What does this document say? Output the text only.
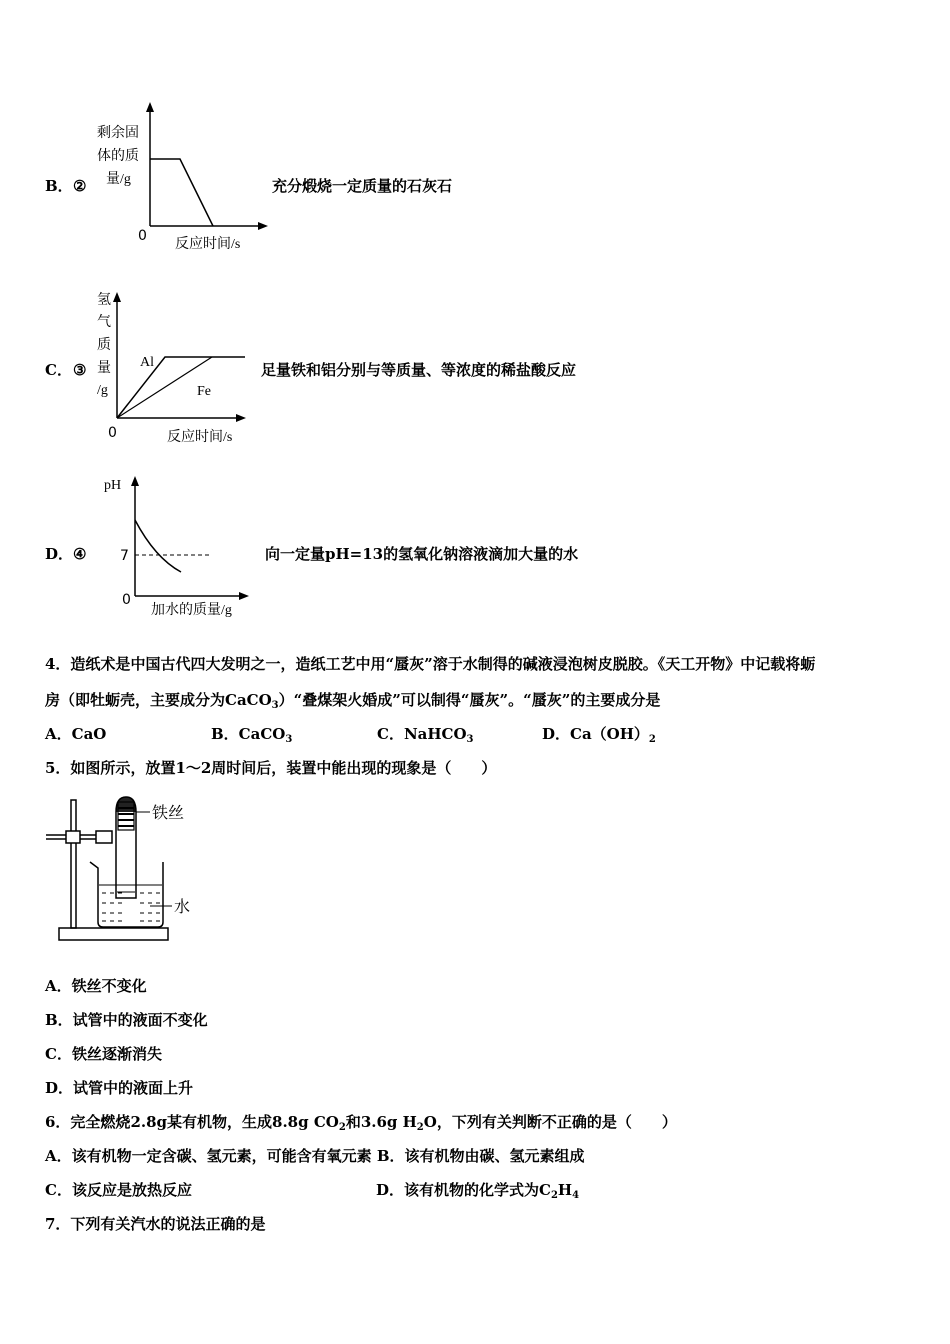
B． ②
剩余固
体的质
量/g
0
反应时间/s
充分煅烧一定质量的石灰石
C． ③
氢
气
质
量
/g
Al
Fe
0	反应时间/s
足量铁和铝分别与等质量、等浓度的稀盐酸反应
D． ④
pH
7
0
加水的质量/g
向一定量pH=13的氢氧化钠溶液滴加大量的水
4．造纸术是中国古代四大发明之一，造纸工艺中用“蜃灰”溶于水制得的碱液浸泡树皮脱胶。《天工开物》中记载将蛎
房（即牡蛎壳，主要成分为CaCO$_3$）“叠煤架火婚成”可以制得“蜃灰”。“蜃灰”的主要成分是
A．CaO	B．CaCO$_3$	C．NaHCO$_3$	D．$Ca(OH)_2$
5．如图所示，放置1～2周时间后，装置中能出现的现象是（　　）
铁丝
水
A．铁丝不变化
B．试管中的液面不变化
C．铁丝逐渐消失
D．试管中的液面上升
6．完全燃烧2.8g某有机物，生成8.8g $CO_2$和3.6g $H_2O$，下列有关判断不正确的是（　　）
A．该有机物一定含碳、氢元素，可能含有氧元素 B．该有机物由碳、氢元素组成
C．该反应是放热反应	D．该有机物的化学式为$C_2H_4$
7．下列有关汽水的说法正确的是
